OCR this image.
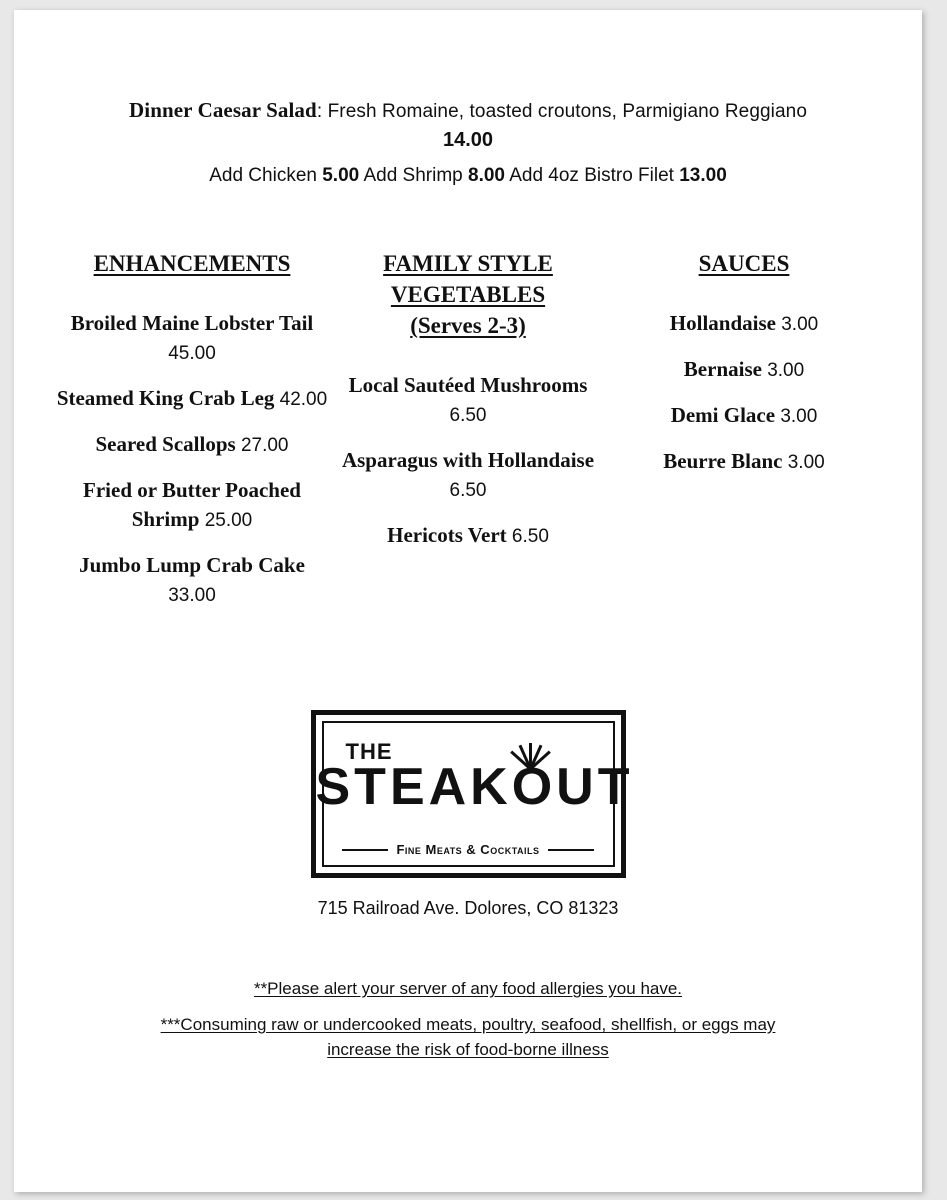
Dinner Caesar Salad: Fresh Romaine, toasted croutons, Parmigiano Reggiano
14.00
Add Chicken 5.00 Add Shrimp 8.00 Add 4oz Bistro Filet 13.00
ENHANCEMENTS
Broiled Maine Lobster Tail 45.00
Steamed King Crab Leg 42.00
Seared Scallops 27.00
Fried or Butter Poached Shrimp 25.00
Jumbo Lump Crab Cake 33.00
FAMILY STYLE VEGETABLES (Serves 2-3)
Local Sautéed Mushrooms 6.50
Asparagus with Hollandaise 6.50
Hericots Vert 6.50
SAUCES
Hollandaise 3.00
Bernaise 3.00
Demi Glace 3.00
Beurre Blanc 3.00
THE
STEAKOUT
Fine Meats & Cocktails
715 Railroad Ave. Dolores, CO 81323
**Please alert your server of any food allergies you have.
***Consuming raw or undercooked meats, poultry, seafood, shellfish, or eggs may
increase the risk of food-borne illness
